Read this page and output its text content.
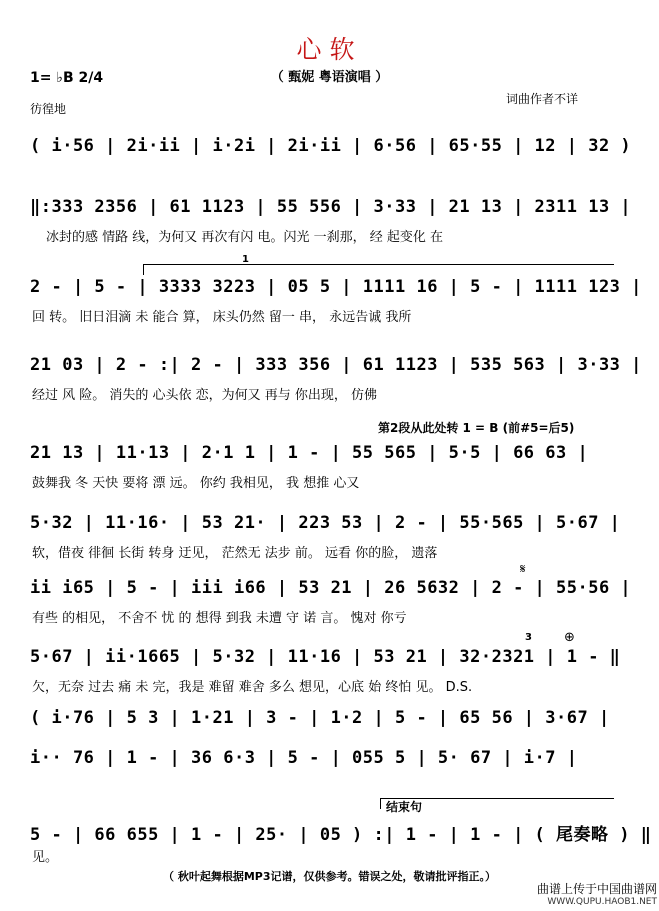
心软
（ 甄妮 粤语演唱 ）
1= ♭B 2/4
彷徨地
词曲作者不详
( i·56 | 2i·ii | i·2i | 2i·ii | 6·56 | 65·55 | 12 | 32 )
‖:333 2356 | 61 1123 | 55 556 | 3·33 | 21 13 | 2311 13 |
冰封的感 情路 线，为何又 再次有闪 电。闪光 一刹那， 经 起变化 在
1
2 - | 5 - | 3333 3223 | 05 5 | 1111 16 | 5 - | 1111 123 |
回 转。 旧日泪滴 未 能合 算， 床头仍然 留一 串， 永远告诚 我所
21 03 | 2 - :| 2 - | 333 356 | 61 1123 | 535 563 | 3·33 |
经过 风 险。 消失的 心头依 恋，为何又 再与 你出现， 仿佛
第2段从此处转 1 = B (前#5=后5)
21 13 | 11·13 | 2·1 1 | 1 - | 55 565 | 5·5 | 66 63 |
鼓舞我 冬 天快 要将 漂 远。 你约 我相见， 我 想推 心又
5·32 | 11·16· | 53 21· | 223 53 | 2 - | 55·565 | 5·67 |
软，借夜 徘徊 长街 转身 迂见， 茫然无 法步 前。 远看 你的脸， 遗落
𝄋
ii i65 | 5 - | iii i66 | 53 21 | 26 5632 | 2 - | 55·56 |
有些 的相见， 不舍不 忧 的 想得 到我 未遭 守 诺 言。 愧对 你亏
3 ⊕
5·67 | ii·1665 | 5·32 | 11·16 | 53 21 | 32·2321 | 1 - ‖
欠，无奈 过去 痛 未 完，我是 难留 难舍 多么 想见，心底 始 终怕 见。 D.S.
( i·76 | 5 3 | 1·21 | 3 - | 1·2 | 5 - | 65 56 | 3·67 |
i·· 76 | 1 - | 36 6·3 | 5 - | 055 5 | 5· 67 | i·7 |
结束句
5 - | 66 655 | 1 - | 25· | 05 ) :| 1 - | 1 - | ( 尾奏略 ) ‖
见。
（ 秋叶起舞根据MP3记谱，仅供参考。错误之处，敬请批评指正。）
曲谱上传于中国曲谱网
WWW.QUPU.HAOB1.NET
